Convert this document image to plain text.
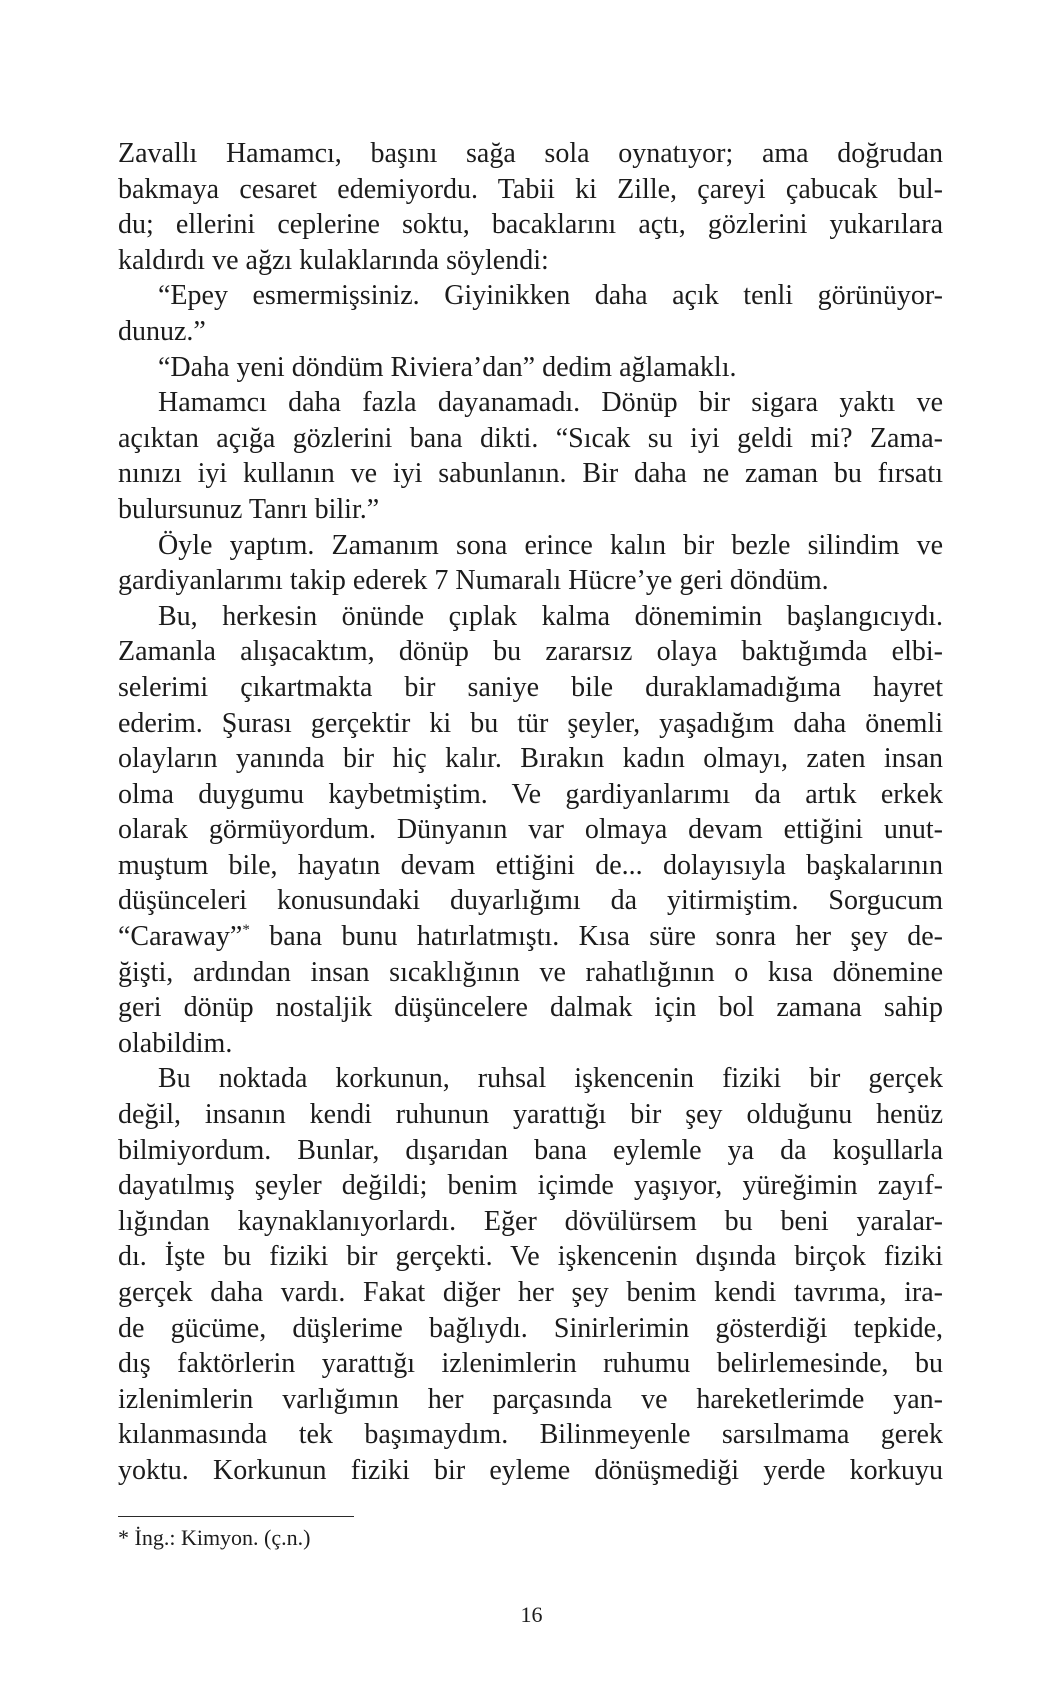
Zavallı Hamamcı, başını sağa sola oynatıyor; ama doğrudan
bakmaya cesaret edemiyordu. Tabii ki Zille, çareyi çabucak bul-
du; ellerini ceplerine soktu, bacaklarını açtı, gözlerini yukarılara
kaldırdı ve ağzı kulaklarında söylendi:
“Epey esmermişsiniz. Giyinikken daha açık tenli görünüyor-
dunuz.”
“Daha yeni döndüm Riviera’dan” dedim ağlamaklı.
Hamamcı daha fazla dayanamadı. Dönüp bir sigara yaktı ve
açıktan açığa gözlerini bana dikti. “Sıcak su iyi geldi mi? Zama-
nınızı iyi kullanın ve iyi sabunlanın. Bir daha ne zaman bu fırsatı
bulursunuz Tanrı bilir.”
Öyle yaptım. Zamanım sona erince kalın bir bezle silindim ve
gardiyanlarımı takip ederek 7 Numaralı Hücre’ye geri döndüm.
Bu, herkesin önünde çıplak kalma dönemimin başlangıcıydı.
Zamanla alışacaktım, dönüp bu zararsız olaya baktığımda elbi-
selerimi çıkartmakta bir saniye bile duraklamadığıma hayret
ederim. Şurası gerçektir ki bu tür şeyler, yaşadığım daha önemli
olayların yanında bir hiç kalır. Bırakın kadın olmayı, zaten insan
olma duygumu kaybetmiştim. Ve gardiyanlarımı da artık erkek
olarak görmüyordum. Dünyanın var olmaya devam ettiğini unut-
muştum bile, hayatın devam ettiğini de... dolayısıyla başkalarının
düşünceleri konusundaki duyarlığımı da yitirmiştim. Sorgucum
“Caraway”* bana bunu hatırlatmıştı. Kısa süre sonra her şey de-
ğişti, ardından insan sıcaklığının ve rahatlığının o kısa dönemine
geri dönüp nostaljik düşüncelere dalmak için bol zamana sahip
olabildim.
Bu noktada korkunun, ruhsal işkencenin fiziki bir gerçek
değil, insanın kendi ruhunun yarattığı bir şey olduğunu henüz
bilmiyordum. Bunlar, dışarıdan bana eylemle ya da koşullarla
dayatılmış şeyler değildi; benim içimde yaşıyor, yüreğimin zayıf-
lığından kaynaklanıyorlardı. Eğer dövülürsem bu beni yaralar-
dı. İşte bu fiziki bir gerçekti. Ve işkencenin dışında birçok fiziki
gerçek daha vardı. Fakat diğer her şey benim kendi tavrıma, ira-
de gücüme, düşlerime bağlıydı. Sinirlerimin gösterdiği tepkide,
dış faktörlerin yarattığı izlenimlerin ruhumu belirlemesinde, bu
izlenimlerin varlığımın her parçasında ve hareketlerimde yan-
kılanmasında tek başımaydım. Bilinmeyenle sarsılmama gerek
yoktu. Korkunun fiziki bir eyleme dönüşmediği yerde korkuyu
* İng.: Kimyon. (ç.n.)
16
